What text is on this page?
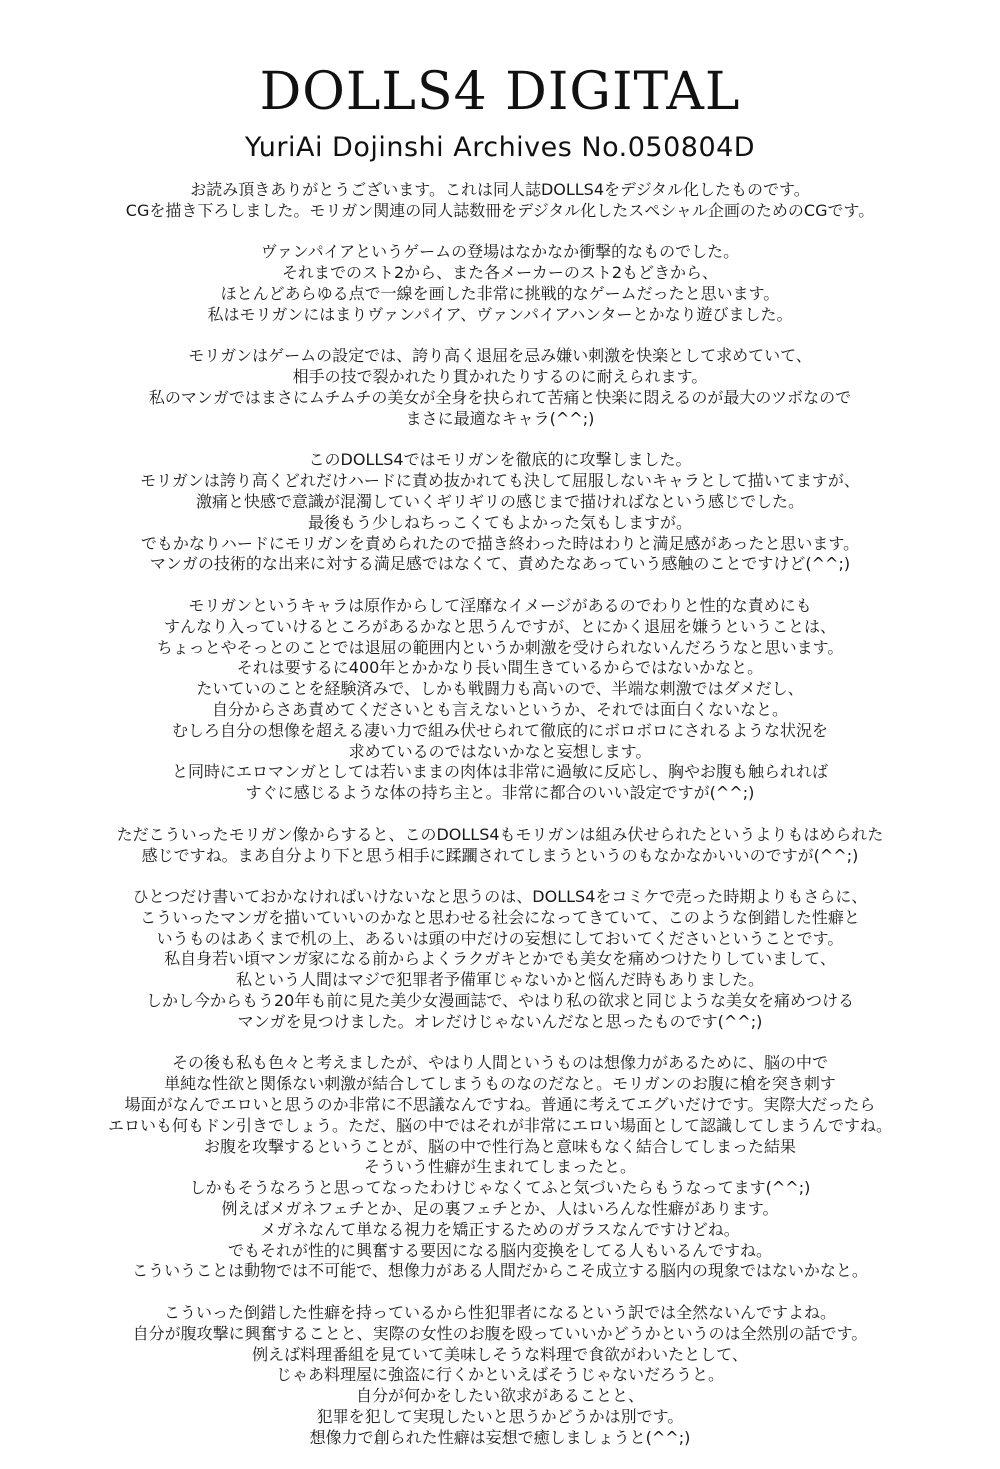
DOLLS4 DIGITAL
YuriAi Dojinshi Archives No.050804D
お読み頂きありがとうございます。これは同人誌DOLLS4をデジタル化したものです。
CGを描き下ろしました。モリガン関連の同人誌数冊をデジタル化したスペシャル企画のためのCGです。
ヴァンパイアというゲームの登場はなかなか衝撃的なものでした。
それまでのスト2から、また各メーカーのスト2もどきから、
ほとんどあらゆる点で一線を画した非常に挑戦的なゲームだったと思います。
私はモリガンにはまりヴァンパイア、ヴァンパイアハンターとかなり遊びました。
モリガンはゲームの設定では、誇り高く退屈を忌み嫌い刺激を快楽として求めていて、
相手の技で裂かれたり貫かれたりするのに耐えられます。
私のマンガではまさにムチムチの美女が全身を抉られて苦痛と快楽に悶えるのが最大のツボなので
まさに最適なキャラ(^^;)
このDOLLS4ではモリガンを徹底的に攻撃しました。
モリガンは誇り高くどれだけハードに責め抜かれても決して屈服しないキャラとして描いてますが、
激痛と快感で意識が混濁していくギリギリの感じまで描ければなという感じでした。
最後もう少しねちっこくてもよかった気もしますが。
でもかなりハードにモリガンを責められたので描き終わった時はわりと満足感があったと思います。
マンガの技術的な出来に対する満足感ではなくて、責めたなあっていう感触のことですけど(^^;)
モリガンというキャラは原作からして淫靡なイメージがあるのでわりと性的な責めにも
すんなり入っていけるところがあるかなと思うんですが、とにかく退屈を嫌うということは、
ちょっとやそっとのことでは退屈の範囲内というか刺激を受けられないんだろうなと思います。
それは要するに400年とかかなり長い間生きているからではないかなと。
たいていのことを経験済みで、しかも戦闘力も高いので、半端な刺激ではダメだし、
自分からさあ責めてくださいとも言えないというか、それでは面白くないなと。
むしろ自分の想像を超える凄い力で組み伏せられて徹底的にボロボロにされるような状況を
求めているのではないかなと妄想します。
と同時にエロマンガとしては若いままの肉体は非常に過敏に反応し、胸やお腹も触られれば
すぐに感じるような体の持ち主と。非常に都合のいい設定ですが(^^;)
ただこういったモリガン像からすると、このDOLLS4もモリガンは組み伏せられたというよりもはめられた
感じですね。まあ自分より下と思う相手に蹂躙されてしまうというのもなかなかいいのですが(^^;)
ひとつだけ書いておかなければいけないなと思うのは、DOLLS4をコミケで売った時期よりもさらに、
こういったマンガを描いていいのかなと思わせる社会になってきていて、このような倒錯した性癖と
いうものはあくまで机の上、あるいは頭の中だけの妄想にしておいてくださいということです。
私自身若い頃マンガ家になる前からよくラクガキとかでも美女を痛めつけたりしていまして、
私という人間はマジで犯罪者予備軍じゃないかと悩んだ時もありました。
しかし今からもう20年も前に見た美少女漫画誌で、やはり私の欲求と同じような美女を痛めつける
マンガを見つけました。オレだけじゃないんだなと思ったものです(^^;)
その後も私も色々と考えましたが、やはり人間というものは想像力があるために、脳の中で
単純な性欲と関係ない刺激が結合してしまうものなのだなと。モリガンのお腹に槍を突き刺す
場面がなんでエロいと思うのか非常に不思議なんですね。普通に考えてエグいだけです。実際大だったら
エロいも何もドン引きでしょう。ただ、脳の中ではそれが非常にエロい場面として認識してしまうんですね。
お腹を攻撃するということが、脳の中で性行為と意味もなく結合してしまった結果
そういう性癖が生まれてしまったと。
しかもそうなろうと思ってなったわけじゃなくてふと気づいたらもうなってます(^^;)
例えばメガネフェチとか、足の裏フェチとか、人はいろんな性癖があります。
メガネなんて単なる視力を矯正するためのガラスなんですけどね。
でもそれが性的に興奮する要因になる脳内変換をしてる人もいるんですね。
こういうことは動物では不可能で、想像力がある人間だからこそ成立する脳内の現象ではないかなと。
こういった倒錯した性癖を持っているから性犯罪者になるという訳では全然ないんですよね。
自分が腹攻撃に興奮することと、実際の女性のお腹を殴っていいかどうかというのは全然別の話です。
例えば料理番組を見ていて美味しそうな料理で食欲がわいたとして、
じゃあ料理屋に強盗に行くかといえばそうじゃないだろうと。
自分が何かをしたい欲求があることと、
犯罪を犯して実現したいと思うかどうかは別です。
想像力で創られた性癖は妄想で癒しましょうと(^^;)
